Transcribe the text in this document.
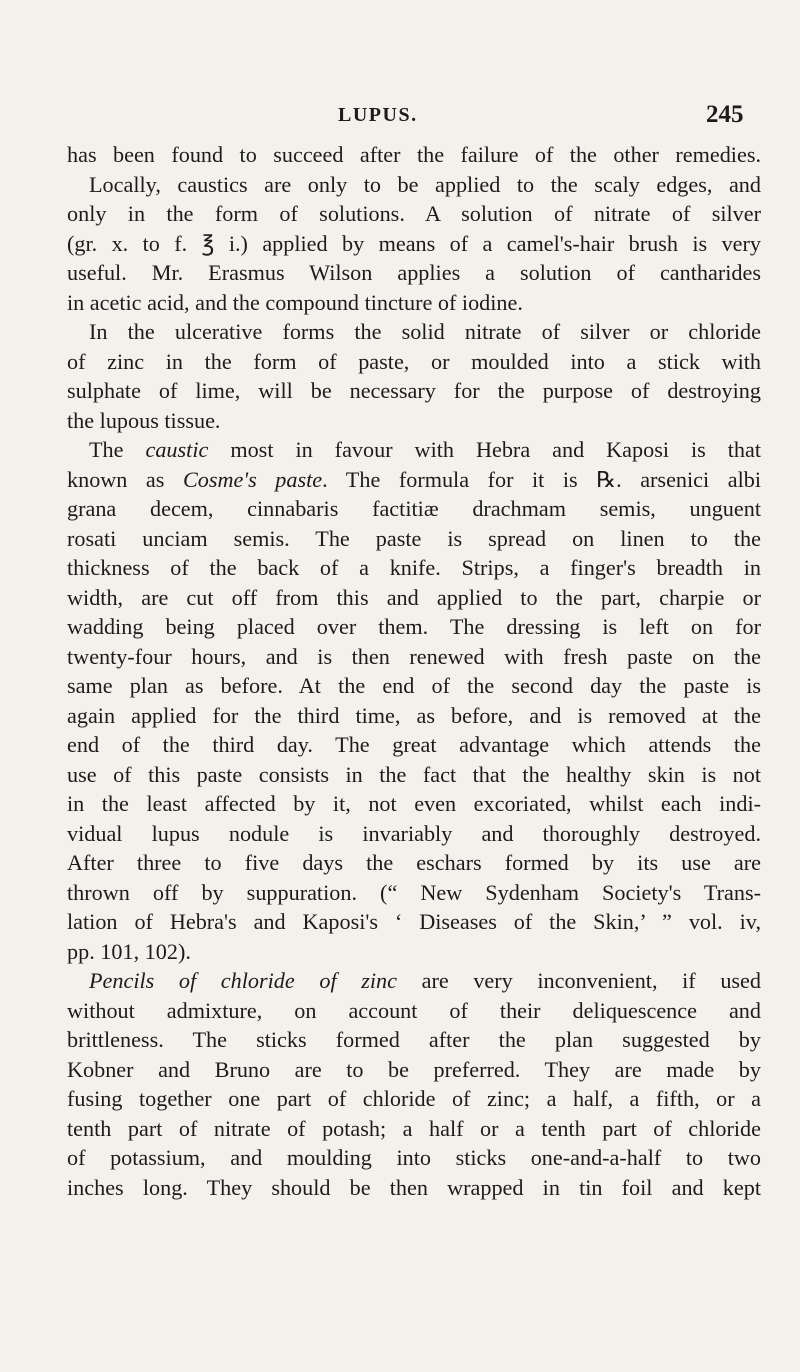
LUPUS.	245
has been found to succeed after the failure of the other remedies.
Locally, caustics are only to be applied to the scaly edges, and
only in the form of solutions. A solution of nitrate of silver
(gr. x. to f. ℥ i.) applied by means of a camel's-hair brush is very
useful. Mr. Erasmus Wilson applies a solution of cantharides
in acetic acid, and the compound tincture of iodine.
In the ulcerative forms the solid nitrate of silver or chloride
of zinc in the form of paste, or moulded into a stick with
sulphate of lime, will be necessary for the purpose of destroying
the lupous tissue.
The caustic most in favour with Hebra and Kaposi is that
known as Cosme's paste. The formula for it is ℞. arsenici albi
grana decem, cinnabaris factitiæ drachmam semis, unguent
rosati unciam semis. The paste is spread on linen to the
thickness of the back of a knife. Strips, a finger's breadth in
width, are cut off from this and applied to the part, charpie or
wadding being placed over them. The dressing is left on for
twenty-four hours, and is then renewed with fresh paste on the
same plan as before. At the end of the second day the paste is
again applied for the third time, as before, and is removed at the
end of the third day. The great advantage which attends the
use of this paste consists in the fact that the healthy skin is not
in the least affected by it, not even excoriated, whilst each indi-
vidual lupus nodule is invariably and thoroughly destroyed.
After three to five days the eschars formed by its use are
thrown off by suppuration. (“ New Sydenham Society's Trans-
lation of Hebra's and Kaposi's ‘ Diseases of the Skin,’ ” vol. iv,
pp. 101, 102).
Pencils of chloride of zinc are very inconvenient, if used
without admixture, on account of their deliquescence and
brittleness. The sticks formed after the plan suggested by
Kobner and Bruno are to be preferred. They are made by
fusing together one part of chloride of zinc; a half, a fifth, or a
tenth part of nitrate of potash; a half or a tenth part of chloride
of potassium, and moulding into sticks one-and-a-half to two
inches long. They should be then wrapped in tin foil and kept
